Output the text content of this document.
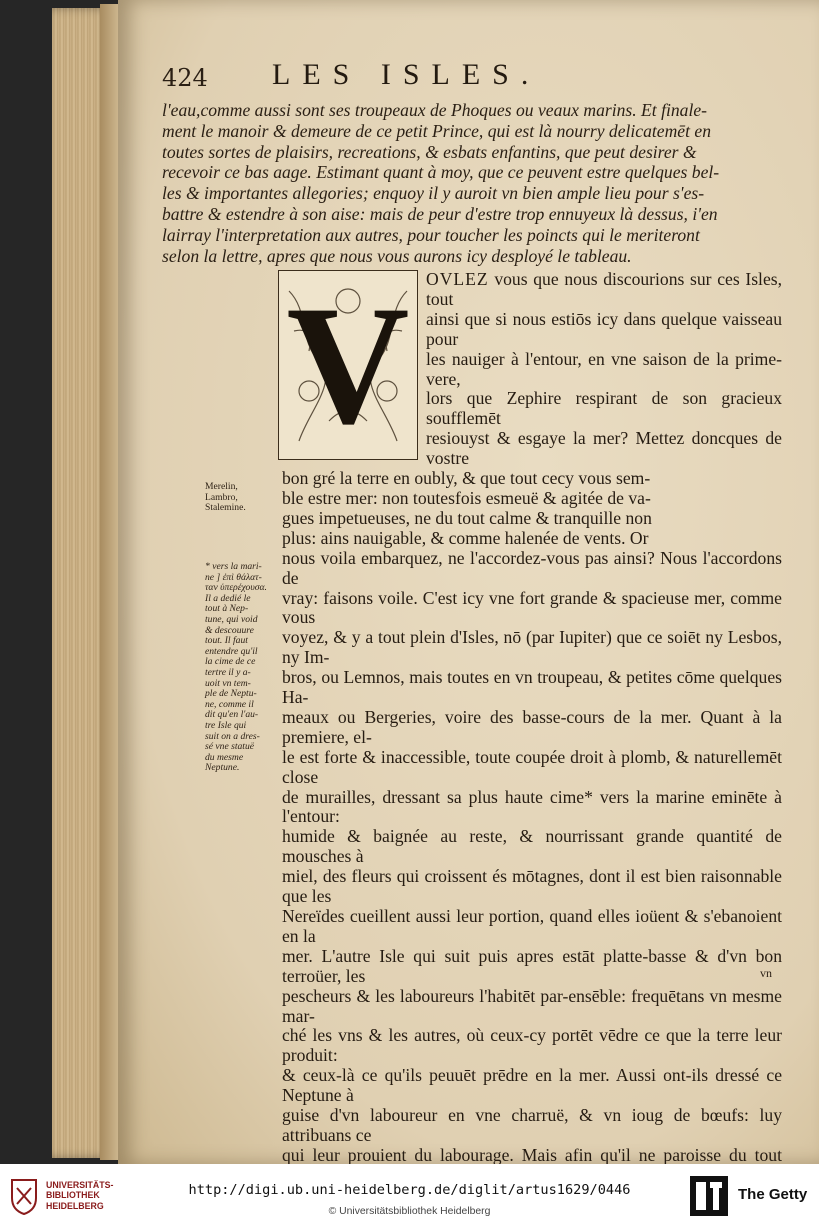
424 LES ISLES.
l'eau,comme aussi sont ses troupeaux de Phoques ou veaux marins. Et finale-
ment le manoir & demeure de ce petit Prince, qui est là nourry delicatemēt en
toutes sortes de plaisirs, recreations, & esbats enfantins, que peut desirer &
recevoir ce bas aage. Estimant quant à moy, que ce peuvent estre quelques bel-
les & importantes allegories; enquoy il y auroit vn bien ample lieu pour s'es-
battre & estendre à son aise: mais de peur d'estre trop ennuyeux là dessus, i'en
lairray l'interpretation aux autres, pour toucher les poincts qui le meriteront
selon la lettre, apres que nous vous aurons icy desployé le tableau.
V OVLEZ vous que nous discourions sur ces Isles, tout
ainsi que si nous estiōs icy dans quelque vaisseau pour
les nauiger à l'entour, en vne saison de la prime-vere,
lors que Zephire respirant de son gracieux soufflemēt
resiouyst & esgaye la mer? Mettez doncques de vostre
bon gré la terre en oubly, & que tout cecy vous sem-
ble estre mer: non toutesfois esmeuë & agitée de va-
gues impetueuses, ne du tout calme & tranquille non
plus: ains nauigable, & comme halenée de vents. Or
nous voila embarquez, ne l'accordez-vous pas ainsi? Nous l'accordons de
vray: faisons voile. C'est icy vne fort grande & spacieuse mer, comme vous
voyez, & y a tout plein d'Isles, nō (par Iupiter) que ce soiēt ny Lesbos, ny Im-
bros, ou Lemnos, mais toutes en vn troupeau, & petites cōme quelques Ha-
meaux ou Bergeries, voire des basse-cours de la mer. Quant à la premiere, el-
le est forte & inaccessible, toute coupée droit à plomb, & naturellemēt close
de murailles, dressant sa plus haute cime* vers la marine eminēte à l'entour:
humide & baignée au reste, & nourrissant grande quantité de mousches à
miel, des fleurs qui croissent és mōtagnes, dont il est bien raisonnable que les
Nereïdes cueillent aussi leur portion, quand elles ioüent & s'ebanoient en la
mer. L'autre Isle qui suit puis apres estāt platte-basse & d'vn bon terroüer, les
pescheurs & les laboureurs l'habitēt par-ensēble: frequētans vn mesme mar-
ché les vns & les autres, où ceux-cy portēt vēdre ce que la terre leur produit:
& ceux-là ce qu'ils peuuēt prēdre en la mer. Aussi ont-ils dressé ce Neptune à
guise d'vn laboureur en vne charruë, & vn ioug de bœufs: luy attribuans ce
qui leur prouient du labourage. Mais afin qu'il ne paroisse du tout

Merelin,
Lambro,
Stalemine.
* vers la mari-
ne ] ἐπὶ θάλατ-
ταν ὑπερέχουσα.
Il a dedié le
tout à Nep-
tune, qui void
& descouure
tout. Il faut
entendre qu'il
la cime de ce
tertre il y a-
uoit vn tem-
ple de Neptu-
ne, comme il
dit qu'en l'au-
tre Isle qui
suit on a dres-
sé vne statuë
du mesme
Neptune.
vn
UNIVERSITÄTS-
BIBLIOTHEK
HEIDELBERG
http://digi.ub.uni-heidelberg.de/diglit/artus1629/0446
© Universitätsbibliothek Heidelberg
The Getty
